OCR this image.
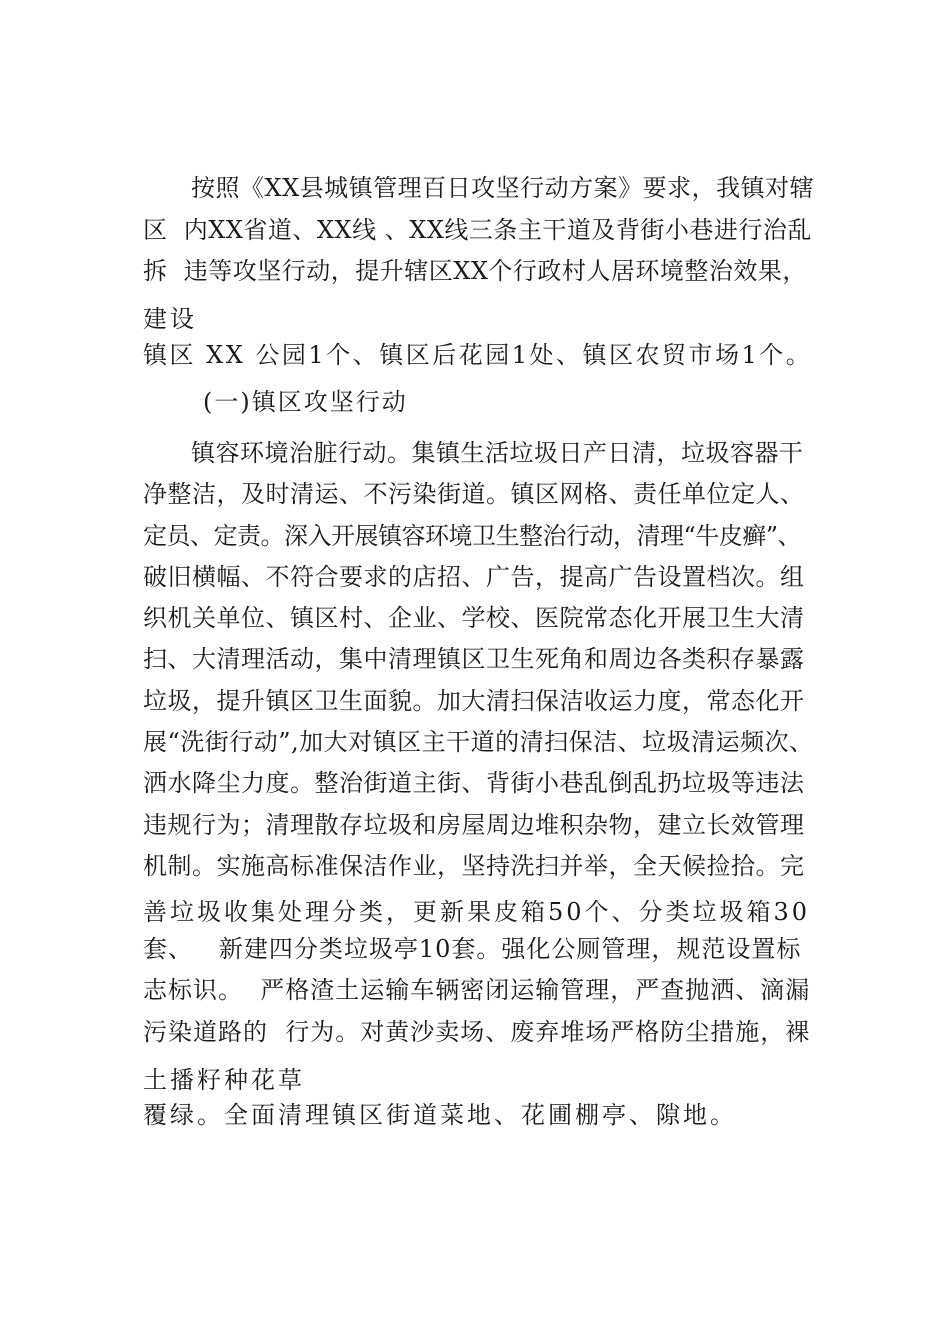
按照《XX县城镇管理百日攻坚行动方案》要求，我镇对辖
区  内XX省道、XX线 、XX线三条主干道及背街小巷进行治乱
拆  违等攻坚行动，提升辖区XX个行政村人居环境整治效果，
建设
镇区 XX 公园1个、镇区后花园1处、镇区农贸市场1个。
(一)镇区攻坚行动
镇容环境治脏行动。集镇生活垃圾日产日清，垃圾容器干
净整洁，及时清运、不污染街道。镇区网格、责任单位定人、
定员、定责。深入开展镇容环境卫生整治行动，清理“牛皮癣”、
破旧横幅、不符合要求的店招、广告，提高广告设置档次。组
织机关单位、镇区村、企业、学校、医院常态化开展卫生大清
扫、大清理活动，集中清理镇区卫生死角和周边各类积存暴露
垃圾，提升镇区卫生面貌。加大清扫保洁收运力度，常态化开
展“洗街行动”,加大对镇区主干道的清扫保洁、垃圾清运频次、
洒水降尘力度。整治街道主街、背街小巷乱倒乱扔垃圾等违法
违规行为；清理散存垃圾和房屋周边堆积杂物，建立长效管理
机制。实施高标准保洁作业，坚持洗扫并举，全天候捡拾。完
善垃圾收集处理分类，更新果皮箱50个、分类垃圾箱30
套、   新建四分类垃圾亭10套。强化公厕管理，规范设置标
志标识。  严格渣土运输车辆密闭运输管理，严查抛洒、滴漏
污染道路的  行为。对黄沙卖场、废弃堆场严格防尘措施，裸
土播籽种花草
覆绿。全面清理镇区街道菜地、花圃棚亭、隙地。
